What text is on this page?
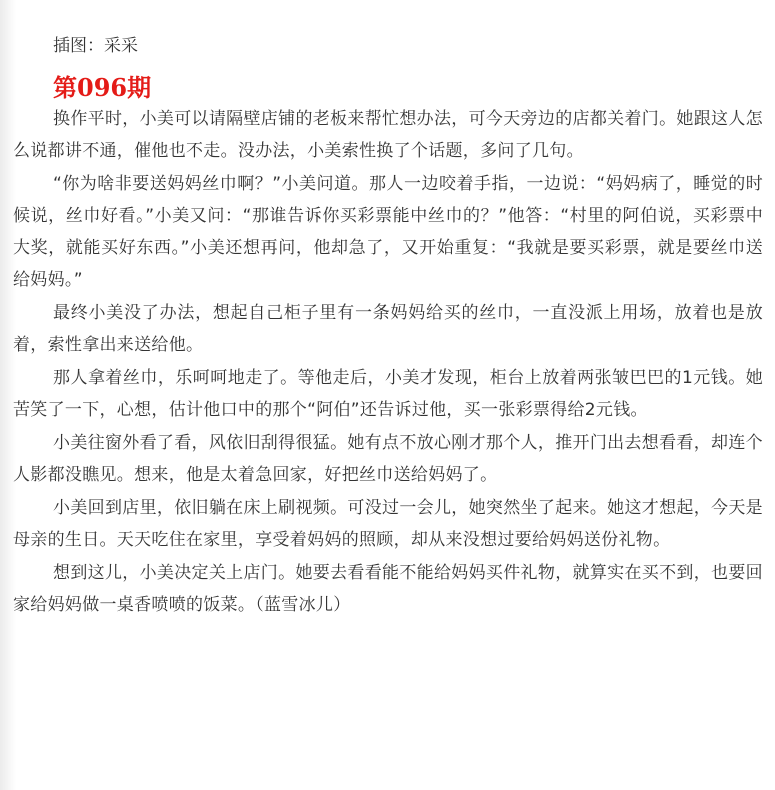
插图：采采

第096期

换作平时，小美可以请隔壁店铺的老板来帮忙想办法，可今天旁边的店都关着门。她跟这人怎么说都讲不通，催他也不走。没办法，小美索性换了个话题，多问了几句。

“你为啥非要送妈妈丝巾啊？”小美问道。那人一边咬着手指，一边说：“妈妈病了，睡觉的时候说，丝巾好看。”小美又问：“那谁告诉你买彩票能中丝巾的？”他答：“村里的阿伯说，买彩票中大奖，就能买好东西。”小美还想再问，他却急了，又开始重复：“我就是要买彩票，就是要丝巾送给妈妈。”

最终小美没了办法，想起自己柜子里有一条妈妈给买的丝巾，一直没派上用场，放着也是放着，索性拿出来送给他。

那人拿着丝巾，乐呵呵地走了。等他走后，小美才发现，柜台上放着两张皱巴巴的1元钱。她苦笑了一下，心想，估计他口中的那个“阿伯”还告诉过他，买一张彩票得给2元钱。

小美往窗外看了看，风依旧刮得很猛。她有点不放心刚才那个人，推开门出去想看看，却连个人影都没瞧见。想来，他是太着急回家，好把丝巾送给妈妈了。

小美回到店里，依旧躺在床上刷视频。可没过一会儿，她突然坐了起来。她这才想起，今天是母亲的生日。天天吃住在家里，享受着妈妈的照顾，却从来没想过要给妈妈送份礼物。

想到这儿，小美决定关上店门。她要去看看能不能给妈妈买件礼物，就算实在买不到，也要回家给妈妈做一桌香喷喷的饭菜。（蓝雪冰儿）
